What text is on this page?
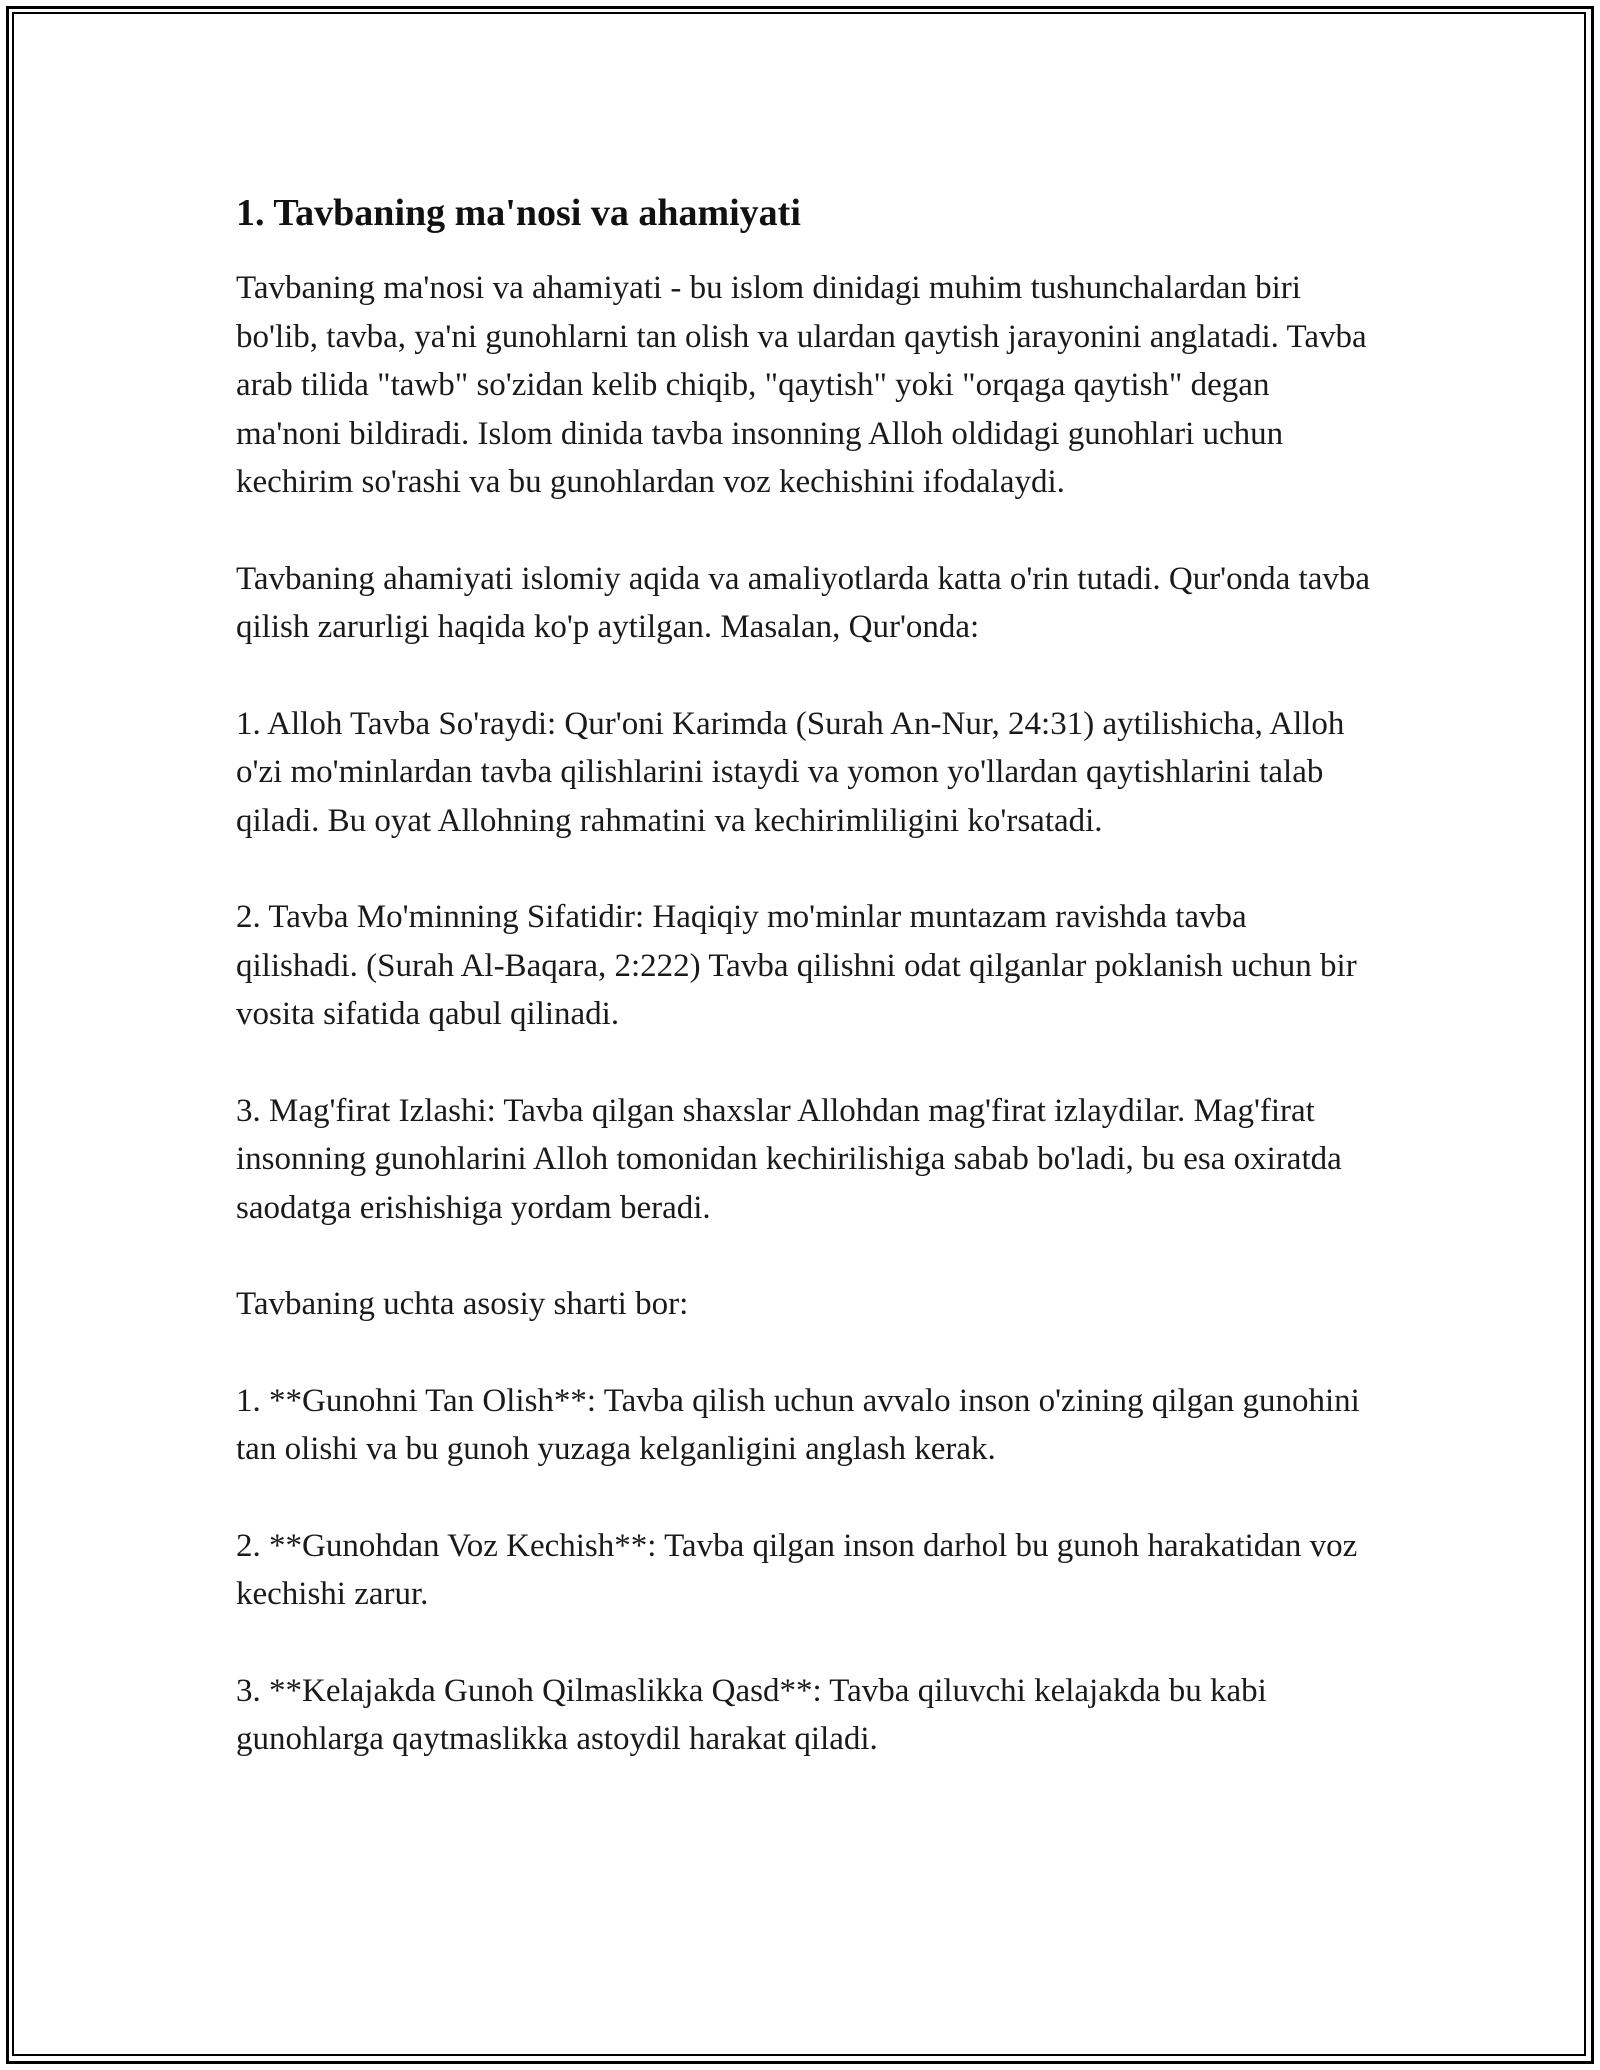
1. Tavbaning ma'nosi va ahamiyati

Tavbaning ma'nosi va ahamiyati - bu islom dinidagi muhim tushunchalardan biri bo'lib, tavba, ya'ni gunohlarni tan olish va ulardan qaytish jarayonini anglatadi. Tavba arab tilida "tawb" so'zidan kelib chiqib, "qaytish" yoki "orqaga qaytish" degan ma'noni bildiradi. Islom dinida tavba insonning Alloh oldidagi gunohlari uchun kechirim so'rashi va bu gunohlardan voz kechishini ifodalaydi.

Tavbaning ahamiyati islomiy aqida va amaliyotlarda katta o'rin tutadi. Qur'onda tavba qilish zarurligi haqida ko'p aytilgan. Masalan, Qur'onda:

1. Alloh Tavba So'raydi: Qur'oni Karimda (Surah An-Nur, 24:31) aytilishicha, Alloh o'zi mo'minlardan tavba qilishlarini istaydi va yomon yo'llardan qaytishlarini talab qiladi. Bu oyat Allohning rahmatini va kechirimliligini ko'rsatadi.

2. Tavba Mo'minning Sifatidir: Haqiqiy mo'minlar muntazam ravishda tavba qilishadi. (Surah Al-Baqara, 2:222) Tavba qilishni odat qilganlar poklanish uchun bir vosita sifatida qabul qilinadi.

3. Mag'firat Izlashi: Tavba qilgan shaxslar Allohdan mag'firat izlaydilar. Mag'firat insonning gunohlarini Alloh tomonidan kechirilishiga sabab bo'ladi, bu esa oxiratda saodatga erishishiga yordam beradi.

Tavbaning uchta asosiy sharti bor:

1. **Gunohni Tan Olish**: Tavba qilish uchun avvalo inson o'zining qilgan gunohini tan olishi va bu gunoh yuzaga kelganligini anglash kerak.

2. **Gunohdan Voz Kechish**: Tavba qilgan inson darhol bu gunoh harakatidan voz kechishi zarur.

3. **Kelajakda Gunoh Qilmaslikka Qasd**: Tavba qiluvchi kelajakda bu kabi gunohlarga qaytmaslikka astoydil harakat qiladi.
